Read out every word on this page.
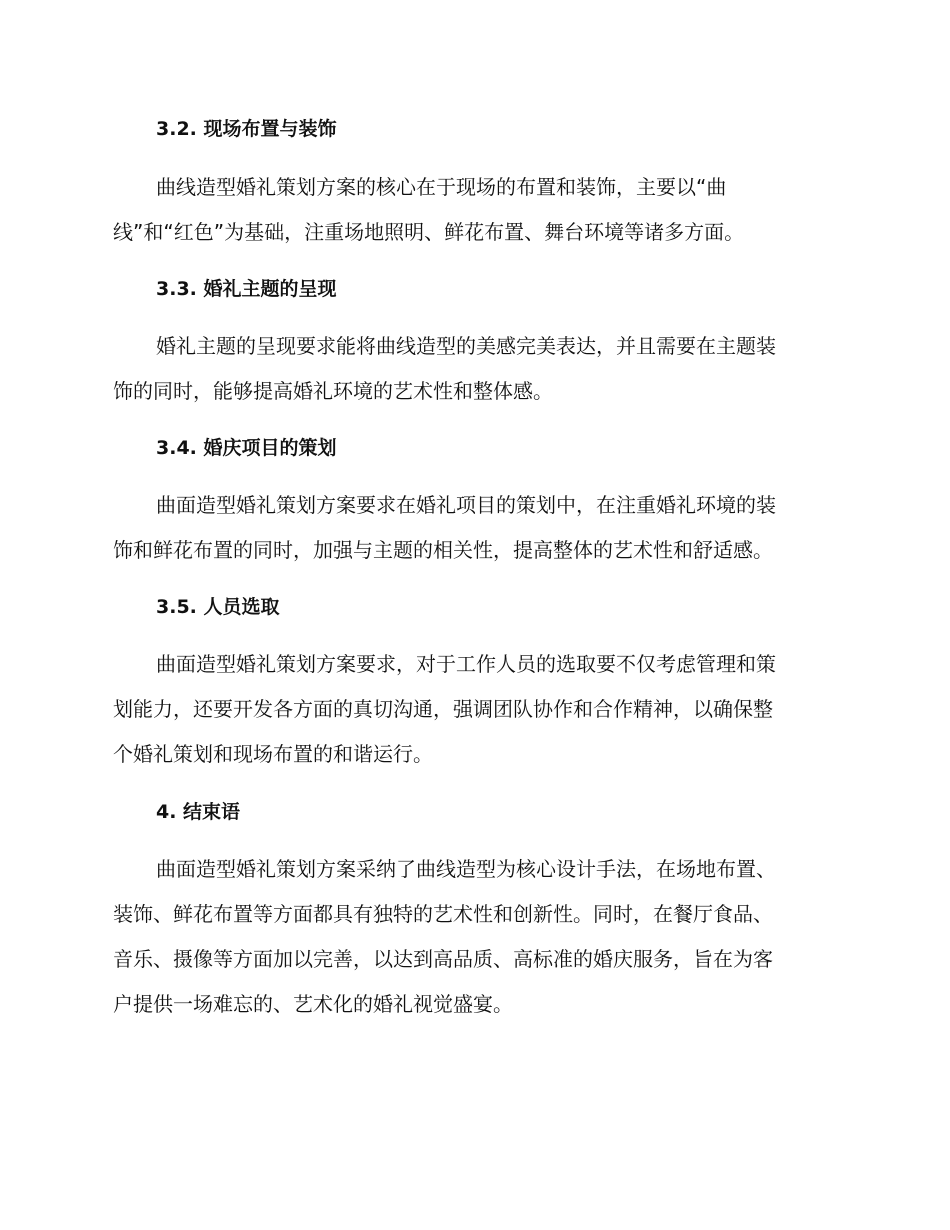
3.2. 现场布置与装饰
曲线造型婚礼策划方案的核心在于现场的布置和装饰，主要以“曲
线”和“红色”为基础，注重场地照明、鲜花布置、舞台环境等诸多方面。
3.3. 婚礼主题的呈现
婚礼主题的呈现要求能将曲线造型的美感完美表达，并且需要在主题装
饰的同时，能够提高婚礼环境的艺术性和整体感。
3.4. 婚庆项目的策划
曲面造型婚礼策划方案要求在婚礼项目的策划中，在注重婚礼环境的装
饰和鲜花布置的同时，加强与主题的相关性，提高整体的艺术性和舒适感。
3.5. 人员选取
曲面造型婚礼策划方案要求，对于工作人员的选取要不仅考虑管理和策
划能力，还要开发各方面的真切沟通，强调团队协作和合作精神，以确保整
个婚礼策划和现场布置的和谐运行。
4. 结束语
曲面造型婚礼策划方案采纳了曲线造型为核心设计手法，在场地布置、
装饰、鲜花布置等方面都具有独特的艺术性和创新性。同时，在餐厅食品、
音乐、摄像等方面加以完善，以达到高品质、高标准的婚庆服务，旨在为客
户提供一场难忘的、艺术化的婚礼视觉盛宴。
